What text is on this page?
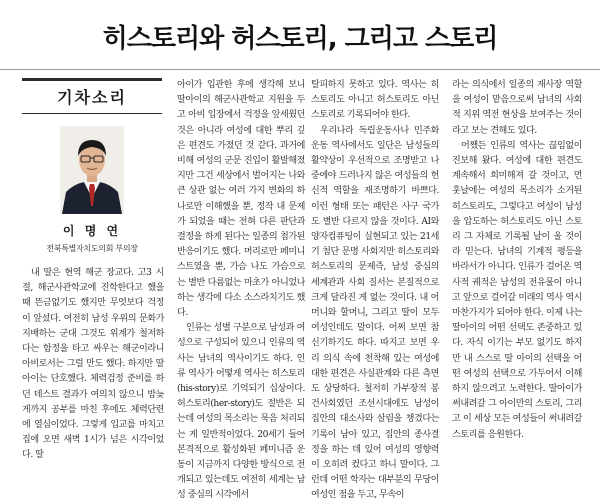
히스토리와 허스토리, 그리고 스토리
기차소리
이 명 연
전북특별자치도의회 부의장

내 딸은 현역 해군 장교다. 고3 시절, 해군사관학교에 진학한다고 했을 때 뜬금없기도 했지만 무엇보다 걱정이 앞섰다. 여전히 남성 우위의 문화가 지배하는 군대 그것도 위계가 철저하다는 함정을 타고 싸우는 해군이라니 아비로서는 그럴 만도 했다. 하지만 딸아이는 단호했다. 체력검정 준비를 하던 테스트 결과가 여의치 않으니 밤늦게까지 공부를 마친 후에도 체력단련에 열심이었다. 그렇게 입교를 마치고 집에 오면 새벽 1시가 넘은 시각이었다. 딸

아이가 입관한 후에 생각해 보니 딸아이의 해군사관학교 지원을 두고 아비 입장에서 걱정을 앞세웠던 것은 아니라 여성에 대한 뿌리 깊은 편견도 가졌던 것 같다. 과거에 비해 여성의 군문 진입이 활발해졌지만 그건 세상에서 벌어지는 나와 큰 상관 없는 여러 가지 변화의 하나로만 이해했을 뿐, 정작 내 문제가 되었을 때는 전혀 다른 판단과 결정을 하게 된다는 일종의 첨가된 반응이기도 했다. 머리로만 페미니스트였을 뿐, 가슴 나도 가슴으로는 별반 다름없는 마초가 아니었나 하는 생각에 다소 소스라치기도 했다.

인류는 성별 구분으로 남성과 여성으로 구성되어 있으니 인류의 역사는 남녀의 역사이기도 하다. 인류 역사가 어떻게 역사는 히스토리(his-story)로 기억되기 십상이다. 허스토리(her-story)도 절반은 되는데 여성의 목소리는 묵음 처리되는 게 일반적이었다. 20세기 들어 본격적으로 활성화된 페미니즘 운동이 지금까지 다양한 방식으로 전개되고 있는데도 여전히 세계는 남성 중심의 시각에서

탈피하지 못하고 있다. 역사는 히스토리도 아니고 허스토리도 아닌 스토리로 기록되어야 한다.

우리나라 독립운동사나 민주화운동 역사에서도 일단은 남성들의 활약상이 우선적으로 조명받고 나중에야 드러나지 않은 여성들의 헌신적 역할을 재조명하기 바쁘다. 이런 형태 또는 패턴은 사구 국가도 별반 다르지 않을 것이다. AI와 양자컴퓨팅이 실현되고 있는 21세기 첨단 문명 사회지만 히스토리와 허스토리의 문제즉, 남성 중심의 세계관과 사회 질서는 본질적으로 크게 달라진 게 없는 것이다. 내 어머니와 할머니, 그리고 딸이 모두 여성인데도 말이다. 어쩌 보면 참 신기하기도 하다. 따지고 보면 우리 의식 속에 천착해 있는 여성에 대한 편견은 사실관계와 다른 측면도 상당하다. 철저히 가부장적 봉건사회였던 조선시대에도 남성이 집안의 대소사와 살림을 챙겼다는 기록이 남아 있고, 집안의 종사결정을 하는 데 있어 여성의 영향력이 오히려 컸다고 하니 말이다. 그런데 어떤 학자는 대부분의 무당이 여성인 점을 두고, 무속이

라는 의식에서 일종의 재사장 역할을 여성이 맡음으로써 남녀의 사회적 지위 역전 현상을 보여주는 것이라고 보는 견해도 있다.

어쨌든 인류의 역사는 끊임없이 진보해 왔다. 여성에 대한 편견도 계속해서 희미해져 갈 것이고, 먼 훗날에는 여성의 목소리가 소거된 히스토리도, 그렇다고 여성이 남성을 압도하는 허스토리도 아닌 스토리 그 자체로 기록될 날이 올 것이라 믿는다. 남녀의 기계적 평등을 바라서가 아니다. 인류가 걸어온 역사적 궤적은 남성의 전유물이 아니고 앞으로 걸어갈 미래의 역사 역시 마찬가지가 되어야 한다. 이제 나는 딸아이의 어떤 선택도 존중하고 있다. 자식 이기는 부모 없기도 하지만 내 스스로 딸 아이의 선택을 어떤 여성의 선택으로 가두어서 이해하지 않으려고 노력한다. 딸아이가 써내려갈 그 아이만의 스토리, 그리고 이 세상 모든 여성들이 써내려갈 스토리를 응원한다.
